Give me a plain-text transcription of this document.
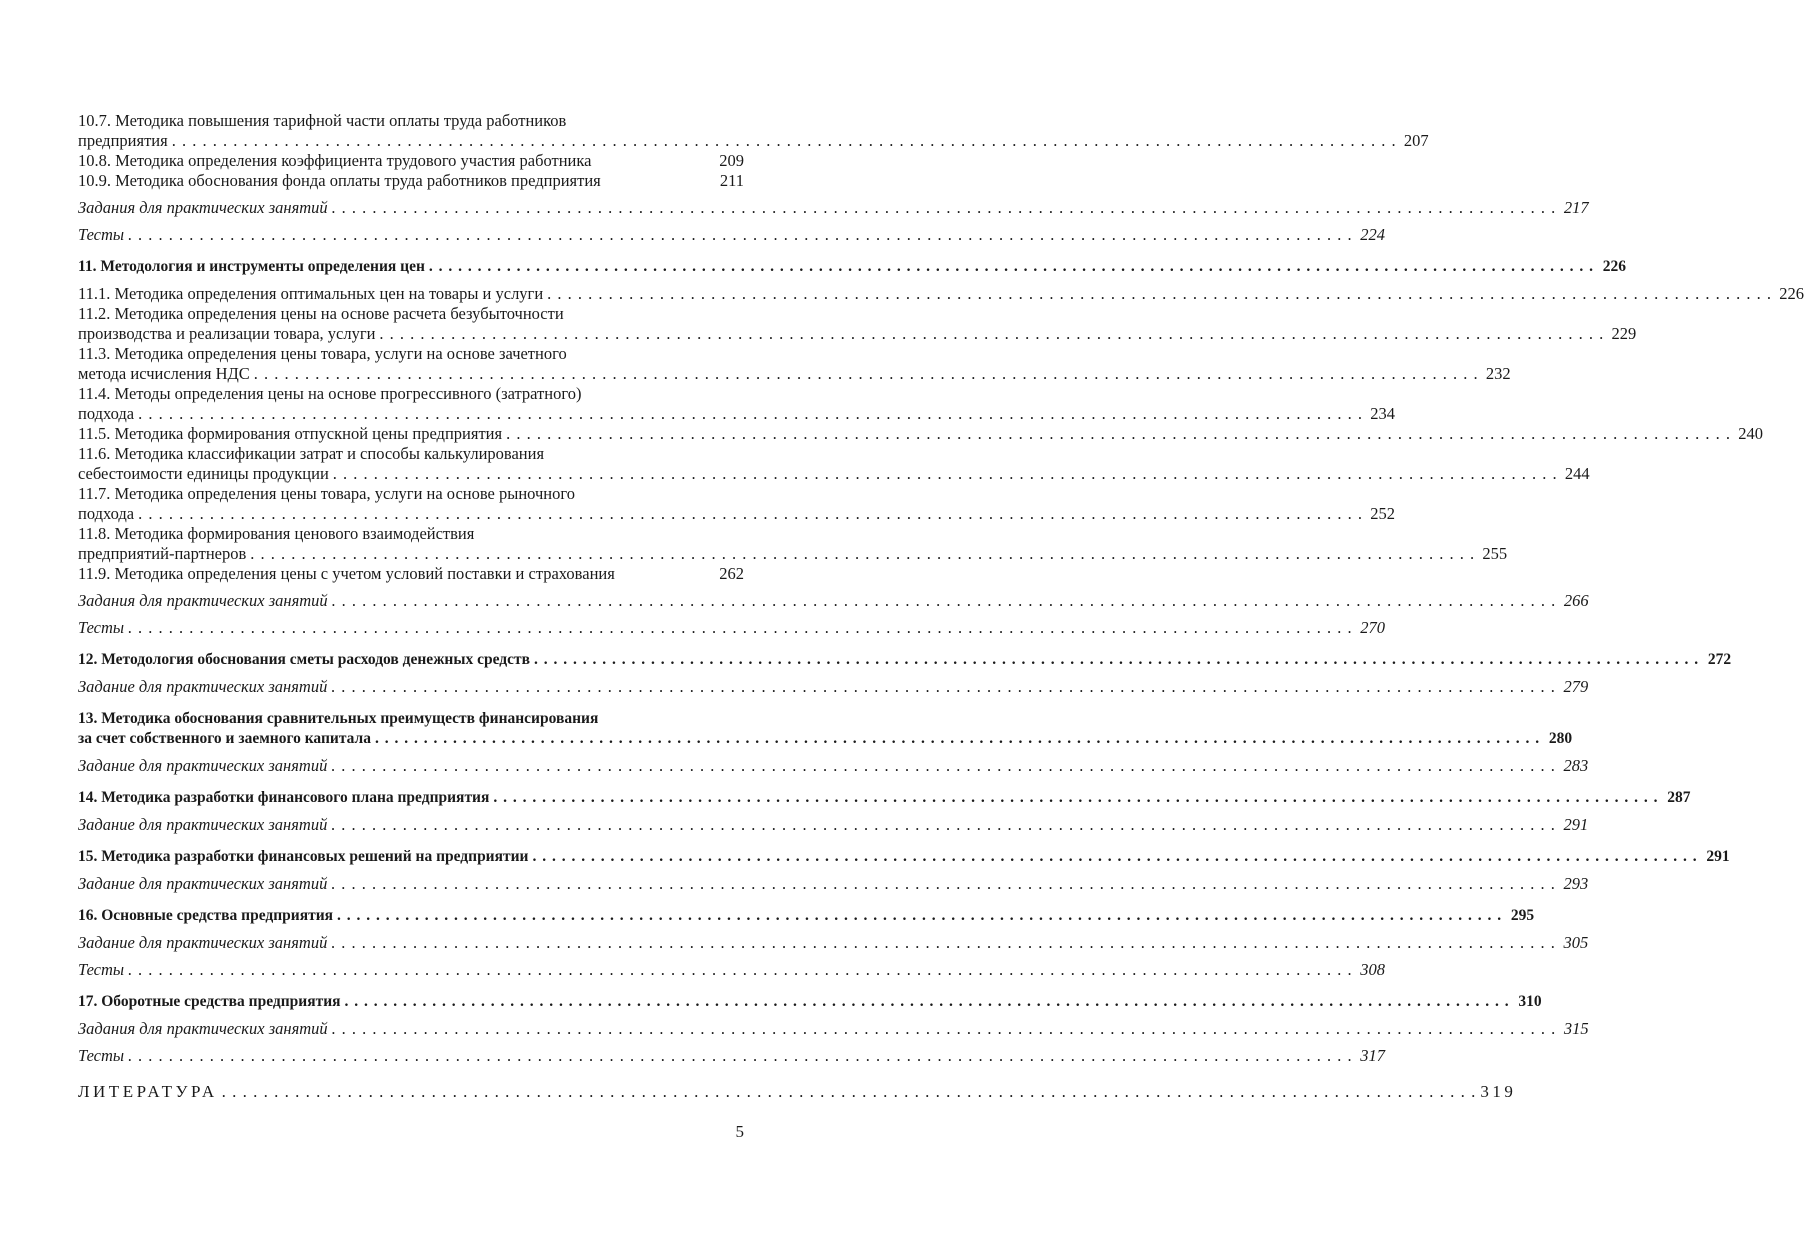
10.7. Методика повышения тарифной части оплаты труда работников
предприятия . . . . . . . . . . . . . . . . . . . . . . . . . . . . . . . . . . . . . . . . . . . . . . . . . . . . . . . . . . . . . . . . . . . . . . . . . . . . . . . . . . . . . . . . . . . . . . . . . . . . . . . . . . . . . . . . . . . . . . . . 207
10.8. Методика определения коэффициента трудового участия работника	209
10.9. Методика обоснования фонда оплаты труда работников предприятия	211
Задания для практических занятий . . . . . . . . . . . . . . . . . . . . . . . . . . . . . . . . . . . . . . . . . . . . . . . . . . . . . . . . . . . . . . . . . . . . . . . . . . . . . . . . . . . . . . . . . . . . . . . . . . . . . . . . . . . . . . . . . . . . . . . . 217
Тесты . . . . . . . . . . . . . . . . . . . . . . . . . . . . . . . . . . . . . . . . . . . . . . . . . . . . . . . . . . . . . . . . . . . . . . . . . . . . . . . . . . . . . . . . . . . . . . . . . . . . . . . . . . . . . . . . . . . . . . . . 224
11. Методология и инструменты определения цен . . . . . . . . . . . . . . . . . . . . . . . . . . . . . . . . . . . . . . . . . . . . . . . . . . . . . . . . . . . . . . . . . . . . . . . . . . . . . . . . . . . . . . . . . . . . . . . . . . . . . . . . . . . . . . . . . . . . . . . . 226
11.1. Методика определения оптимальных цен на товары и услуги . . . . . . . . . . . . . . . . . . . . . . . . . . . . . . . . . . . . . . . . . . . . . . . . . . . . . . . . . . . . . . . . . . . . . . . . . . . . . . . . . . . . . . . . . . . . . . . . . . . . . . . . . . . . . . . . . . . . . . . . 226
11.2. Методика определения цены на основе расчета безубыточности
производства и реализации товара, услуги . . . . . . . . . . . . . . . . . . . . . . . . . . . . . . . . . . . . . . . . . . . . . . . . . . . . . . . . . . . . . . . . . . . . . . . . . . . . . . . . . . . . . . . . . . . . . . . . . . . . . . . . . . . . . . . . . . . . . . . . 229
11.3. Методика определения цены товара, услуги на основе зачетного
метода исчисления НДС . . . . . . . . . . . . . . . . . . . . . . . . . . . . . . . . . . . . . . . . . . . . . . . . . . . . . . . . . . . . . . . . . . . . . . . . . . . . . . . . . . . . . . . . . . . . . . . . . . . . . . . . . . . . . . . . . . . . . . . . 232
11.4. Методы определения цены на основе прогрессивного (затратного)
подхода . . . . . . . . . . . . . . . . . . . . . . . . . . . . . . . . . . . . . . . . . . . . . . . . . . . . . . . . . . . . . . . . . . . . . . . . . . . . . . . . . . . . . . . . . . . . . . . . . . . . . . . . . . . . . . . . . . . . . . . . 234
11.5. Методика формирования отпускной цены предприятия . . . . . . . . . . . . . . . . . . . . . . . . . . . . . . . . . . . . . . . . . . . . . . . . . . . . . . . . . . . . . . . . . . . . . . . . . . . . . . . . . . . . . . . . . . . . . . . . . . . . . . . . . . . . . . . . . . . . . . . . 240
11.6. Методика классификации затрат и способы калькулирования
себестоимости единицы продукции . . . . . . . . . . . . . . . . . . . . . . . . . . . . . . . . . . . . . . . . . . . . . . . . . . . . . . . . . . . . . . . . . . . . . . . . . . . . . . . . . . . . . . . . . . . . . . . . . . . . . . . . . . . . . . . . . . . . . . . . 244
11.7. Методика определения цены товара, услуги на основе рыночного
подхода . . . . . . . . . . . . . . . . . . . . . . . . . . . . . . . . . . . . . . . . . . . . . . . . . . . . . . . . . . . . . . . . . . . . . . . . . . . . . . . . . . . . . . . . . . . . . . . . . . . . . . . . . . . . . . . . . . . . . . . . 252
11.8. Методика формирования ценового взаимодействия
предприятий-партнеров . . . . . . . . . . . . . . . . . . . . . . . . . . . . . . . . . . . . . . . . . . . . . . . . . . . . . . . . . . . . . . . . . . . . . . . . . . . . . . . . . . . . . . . . . . . . . . . . . . . . . . . . . . . . . . . . . . . . . . . . 255
11.9. Методика определения цены с учетом условий поставки и страхования	262
Задания для практических занятий . . . . . . . . . . . . . . . . . . . . . . . . . . . . . . . . . . . . . . . . . . . . . . . . . . . . . . . . . . . . . . . . . . . . . . . . . . . . . . . . . . . . . . . . . . . . . . . . . . . . . . . . . . . . . . . . . . . . . . . . 266
Тесты . . . . . . . . . . . . . . . . . . . . . . . . . . . . . . . . . . . . . . . . . . . . . . . . . . . . . . . . . . . . . . . . . . . . . . . . . . . . . . . . . . . . . . . . . . . . . . . . . . . . . . . . . . . . . . . . . . . . . . . . 270
12. Методология обоснования сметы расходов денежных средств . . . . . . . . . . . . . . . . . . . . . . . . . . . . . . . . . . . . . . . . . . . . . . . . . . . . . . . . . . . . . . . . . . . . . . . . . . . . . . . . . . . . . . . . . . . . . . . . . . . . . . . . . . . . . . . . . . . . . . . . 272
Задание для практических занятий . . . . . . . . . . . . . . . . . . . . . . . . . . . . . . . . . . . . . . . . . . . . . . . . . . . . . . . . . . . . . . . . . . . . . . . . . . . . . . . . . . . . . . . . . . . . . . . . . . . . . . . . . . . . . . . . . . . . . . . . 279
13. Методика обоснования сравнительных преимуществ финансирования
за счет собственного и заемного капитала . . . . . . . . . . . . . . . . . . . . . . . . . . . . . . . . . . . . . . . . . . . . . . . . . . . . . . . . . . . . . . . . . . . . . . . . . . . . . . . . . . . . . . . . . . . . . . . . . . . . . . . . . . . . . . . . . . . . . . . . 280
Задание для практических занятий . . . . . . . . . . . . . . . . . . . . . . . . . . . . . . . . . . . . . . . . . . . . . . . . . . . . . . . . . . . . . . . . . . . . . . . . . . . . . . . . . . . . . . . . . . . . . . . . . . . . . . . . . . . . . . . . . . . . . . . . 283
14. Методика разработки финансового плана предприятия . . . . . . . . . . . . . . . . . . . . . . . . . . . . . . . . . . . . . . . . . . . . . . . . . . . . . . . . . . . . . . . . . . . . . . . . . . . . . . . . . . . . . . . . . . . . . . . . . . . . . . . . . . . . . . . . . . . . . . . . 287
Задание для практических занятий . . . . . . . . . . . . . . . . . . . . . . . . . . . . . . . . . . . . . . . . . . . . . . . . . . . . . . . . . . . . . . . . . . . . . . . . . . . . . . . . . . . . . . . . . . . . . . . . . . . . . . . . . . . . . . . . . . . . . . . . 291
15. Методика разработки финансовых решений на предприятии . . . . . . . . . . . . . . . . . . . . . . . . . . . . . . . . . . . . . . . . . . . . . . . . . . . . . . . . . . . . . . . . . . . . . . . . . . . . . . . . . . . . . . . . . . . . . . . . . . . . . . . . . . . . . . . . . . . . . . . . 291
Задание для практических занятий . . . . . . . . . . . . . . . . . . . . . . . . . . . . . . . . . . . . . . . . . . . . . . . . . . . . . . . . . . . . . . . . . . . . . . . . . . . . . . . . . . . . . . . . . . . . . . . . . . . . . . . . . . . . . . . . . . . . . . . . 293
16. Основные средства предприятия . . . . . . . . . . . . . . . . . . . . . . . . . . . . . . . . . . . . . . . . . . . . . . . . . . . . . . . . . . . . . . . . . . . . . . . . . . . . . . . . . . . . . . . . . . . . . . . . . . . . . . . . . . . . . . . . . . . . . . . . 295
Задание для практических занятий . . . . . . . . . . . . . . . . . . . . . . . . . . . . . . . . . . . . . . . . . . . . . . . . . . . . . . . . . . . . . . . . . . . . . . . . . . . . . . . . . . . . . . . . . . . . . . . . . . . . . . . . . . . . . . . . . . . . . . . . 305
Тесты . . . . . . . . . . . . . . . . . . . . . . . . . . . . . . . . . . . . . . . . . . . . . . . . . . . . . . . . . . . . . . . . . . . . . . . . . . . . . . . . . . . . . . . . . . . . . . . . . . . . . . . . . . . . . . . . . . . . . . . . 308
17. Оборотные средства предприятия . . . . . . . . . . . . . . . . . . . . . . . . . . . . . . . . . . . . . . . . . . . . . . . . . . . . . . . . . . . . . . . . . . . . . . . . . . . . . . . . . . . . . . . . . . . . . . . . . . . . . . . . . . . . . . . . . . . . . . . . 310
Задания для практических занятий . . . . . . . . . . . . . . . . . . . . . . . . . . . . . . . . . . . . . . . . . . . . . . . . . . . . . . . . . . . . . . . . . . . . . . . . . . . . . . . . . . . . . . . . . . . . . . . . . . . . . . . . . . . . . . . . . . . . . . . . 315
Тесты . . . . . . . . . . . . . . . . . . . . . . . . . . . . . . . . . . . . . . . . . . . . . . . . . . . . . . . . . . . . . . . . . . . . . . . . . . . . . . . . . . . . . . . . . . . . . . . . . . . . . . . . . . . . . . . . . . . . . . . . 317
ЛИТЕРАТУРА . . . . . . . . . . . . . . . . . . . . . . . . . . . . . . . . . . . . . . . . . . . . . . . . . . . . . . . . . . . . . . . . . . . . . . . . . . . . . . . . . . . . . . . . . . . . . . . . . . . . . . . . . . . . . . . . . . . . . . . . 319
5
